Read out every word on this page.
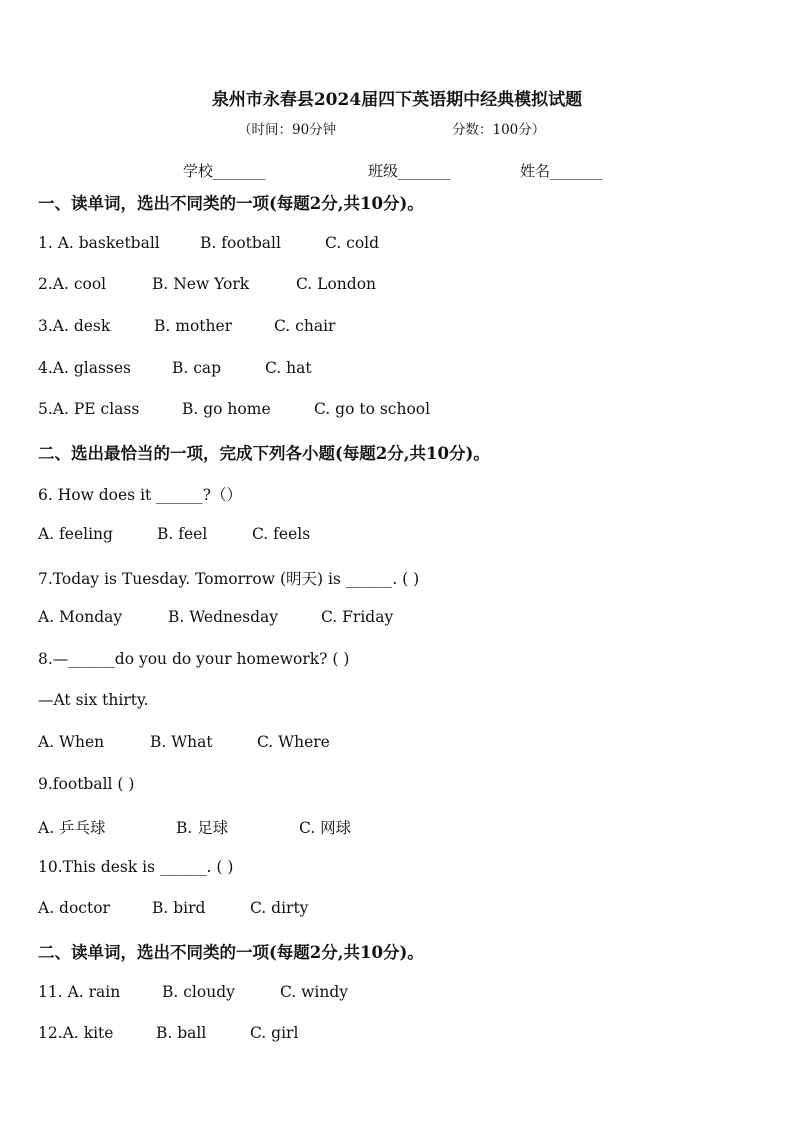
泉州市永春县2024届四下英语期中经典模拟试题
（时间：90分钟	分数：100分）
学校_______	班级_______	姓名_______
一、读单词，选出不同类的一项(每题2分,共10分)。
1. A. basketball	B. football	C. cold
2.A. cool	B. New York	C. London
3.A. desk	B. mother	C. chair
4.A. glasses	B. cap	C. hat
5.A. PE class	B. go home	C. go to school
二、选出最恰当的一项，完成下列各小题(每题2分,共10分)。
6. How does it ______?（）
A. feeling	B. feel	C. feels
7.Today is Tuesday. Tomorrow (明天) is ______. ( )
A. Monday	B. Wednesday	C. Friday
8.—______do you do your homework? ( )
—At six thirty.
A. When	B. What	C. Where
9.football ( )
A. 乒乓球	B. 足球	C. 网球
10.This desk is ______. ( )
A. doctor	B. bird	C. dirty
二、读单词，选出不同类的一项(每题2分,共10分)。
11. A. rain	B. cloudy	C. windy
12.A. kite	B. ball	C. girl
